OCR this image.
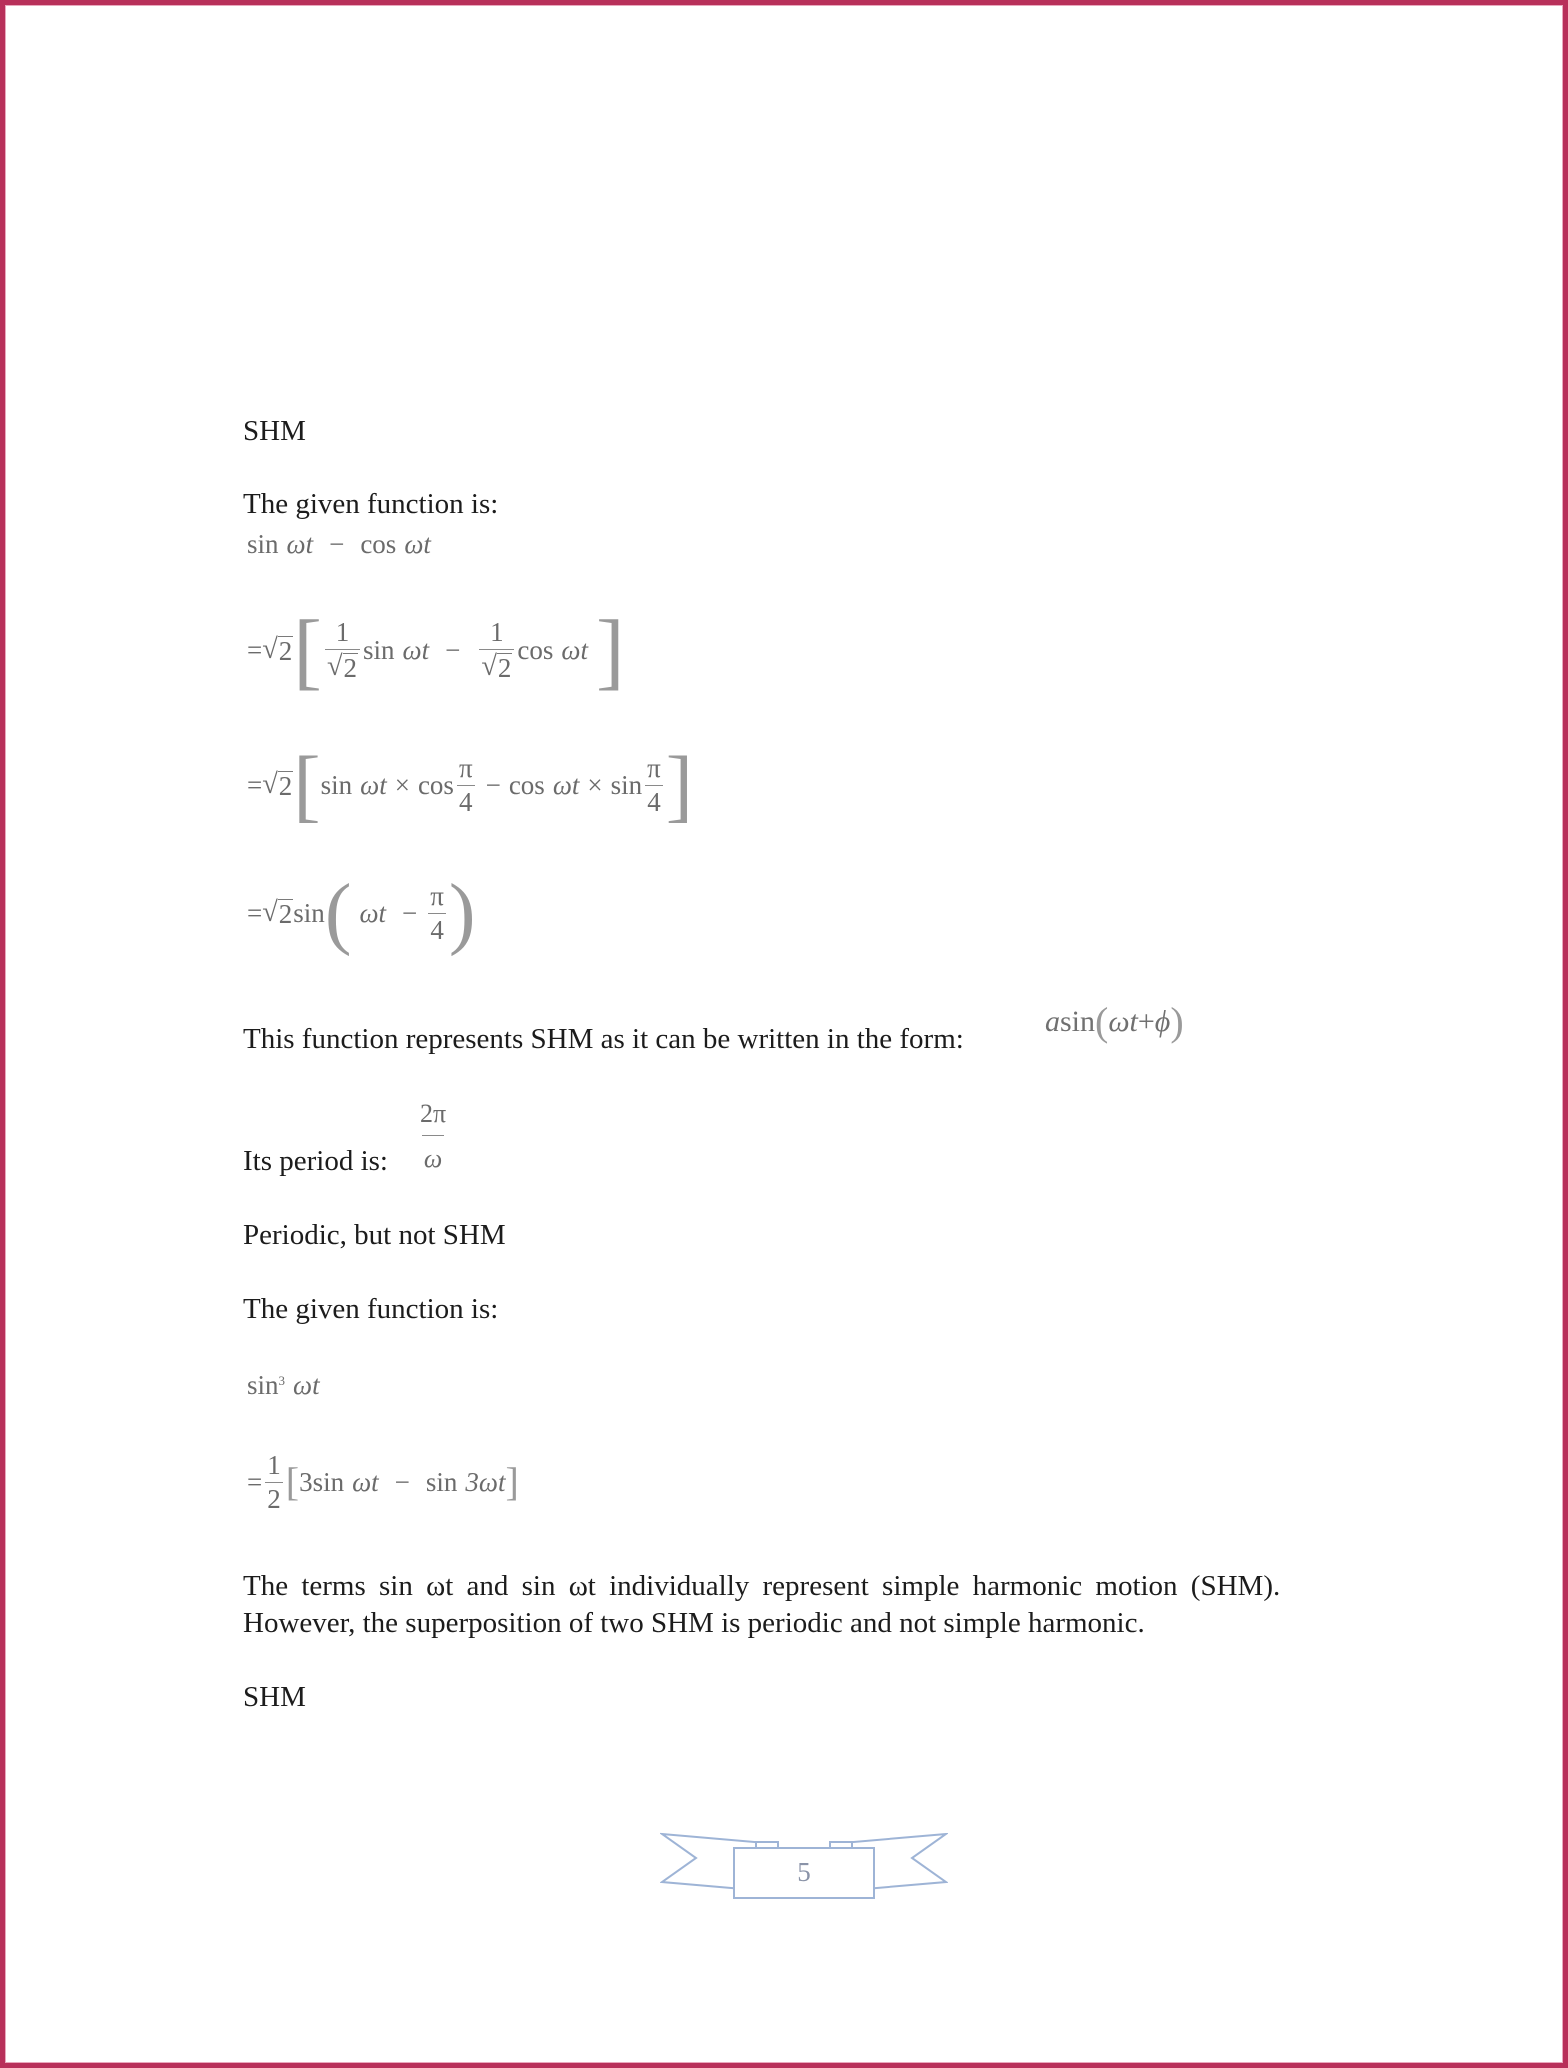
SHM
The given function is:
sin ωt − cos ωt
= √ 2 [ $\frac{1}{√ 2}$ $\sin \omega t - \frac{1}{√ 2}$ cos ωt ]
= √ 2 [ $\sin \omega t \times \cos \frac{\pi}{4} - \cos \omega t \times \sin \frac{\pi}{4}$ ]
= √ 2 sin ( $\omega t - \frac{\pi}{4}$ )
This function represents SHM as it can be written in the form:
a sin ( ωt + ϕ )
Its period is: $\frac{2\pi}{\omega}$
Periodic, but not SHM
The given function is:
$\sin^3 \omega t$
= $\frac{1}{2}$ [ 3 sin ωt − sin 3ωt ]
The terms sin ωt and sin ωt individually represent simple harmonic motion (SHM).
However, the superposition of two SHM is periodic and not simple harmonic.
SHM
5
